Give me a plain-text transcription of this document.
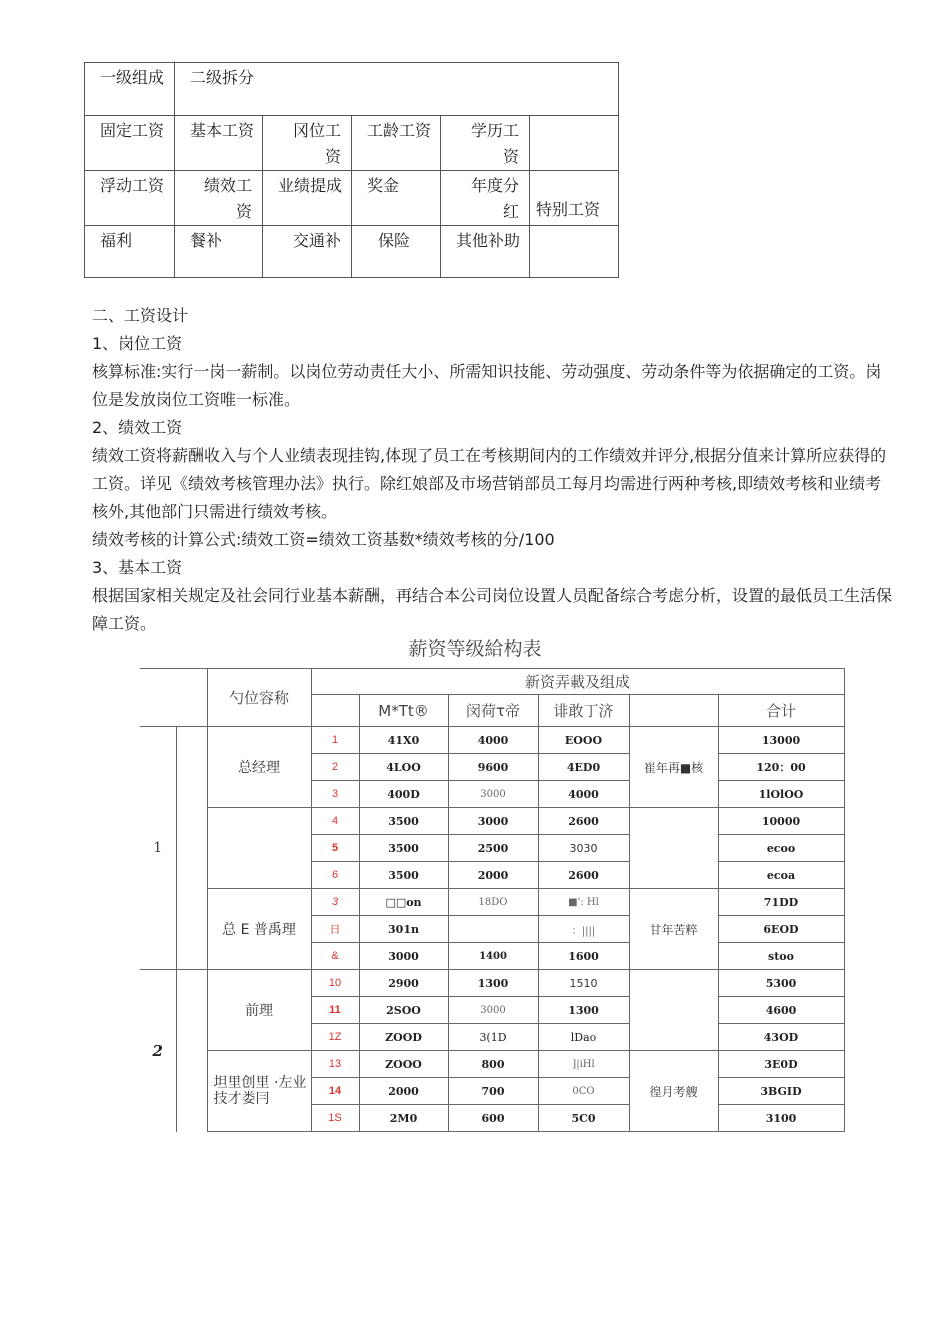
一级组成	二级拆分				
固定工资	基本工资	冈位工资	工龄工资	学历工资	
浮动工资	绩效工资	业绩提成	奖金	年度分红	特别工资
福利	餐补	交通补	保险	其他补助	

二、工资设计

1、岗位工资

核算标准:实行一岗一薪制。以岗位劳动责任大小、所需知识技能、劳动强度、劳动条件等为依据确定的工资。岗位是发放岗位工资唯一标准。

2、绩效工资

绩效工资将薪酬收入与个人业绩表现挂钩,体现了员工在考核期间内的工作绩效并评分,根据分值来计算所应获得的工资。详见《绩效考核管理办法》执行。除红娘部及市场营销部员工每月均需进行两种考核,即绩效考核和业绩考核外,其他部门只需进行绩效考核。

绩效考核的计算公式:绩效工资=绩效工资基数*绩效考核的分/100

3、基本工资

根据国家相关规定及社会同行业基本薪酬，再结合本公司岗位设置人员配备综合考虑分析，设置的最低员工生活保障工资。

薪资等级給构表
		勺位容称	新资弄載及组成					
				M*Tt®	闵荷τ帝	诽敢丁济		合计
1		总经理	1	41X0	4000	EOOO	崔年再■核	13000
			2	4LOO	9600	4ED0		120：00
			3	400D	3000	4000		1lOlOO
			4	3500	3000	2600		10000
			5	3500	2500	3030		ecoo
			6	3500	2000	2600		ecoa
		总 E 普禹理	3	□□on	18DO	■': Hl	甘年苦粹	71DD
			日	301n		：||||		6EOD
			&	3000	1400	1600		stoo
2		前理	10	2900	1300	1510		5300
			11	2SOO	3000	1300		4600
			1Z	ZOOD	3(1D	lDao		43OD
		坦里创里 ·左业技才娄冃	13	ZOOO	800	]|iHl	徨月考艘	3E0D
			14	2000	700	0CO		3BGID
			1S	2M0	600	5C0		3100
